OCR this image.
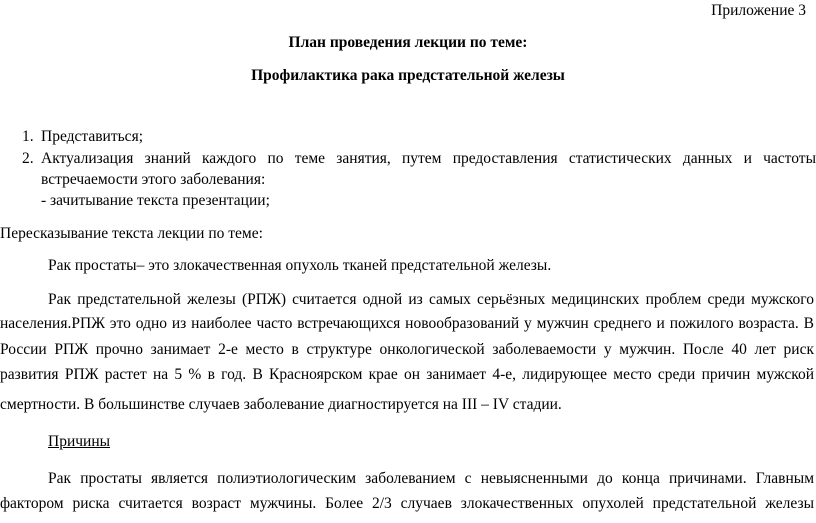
Приложение 3
План проведения лекции по теме:
Профилактика рака предстательной железы
1. Представиться;
2. Актуализация знаний каждого по теме занятия, путем предоставления статистических данных и частоты
встречаемости этого заболевания:
- зачитывание текста презентации;
Пересказывание текста лекции по теме:
Рак простаты– это злокачественная опухоль тканей предстательной железы.
Рак предстательной железы (РПЖ) считается одной из самых серьёзных медицинских проблем среди мужского
населения.РПЖ это одно из наиболее часто встречающихся новообразований у мужчин среднего и пожилого возраста. В
России РПЖ прочно занимает 2-е место в структуре онкологической заболеваемости у мужчин. После 40 лет риск
развития РПЖ растет на 5 % в год. В Красноярском крае он занимает 4-е, лидирующее место среди причин мужской
смертности. В большинстве случаев заболевание диагностируется на III – IV стадии.
Причины
Рак простаты является полиэтиологическим заболеванием с невыясненными до конца причинами. Главным
фактором риска считается возраст мужчины. Более 2/3 случаев злокачественных опухолей предстательной железы
